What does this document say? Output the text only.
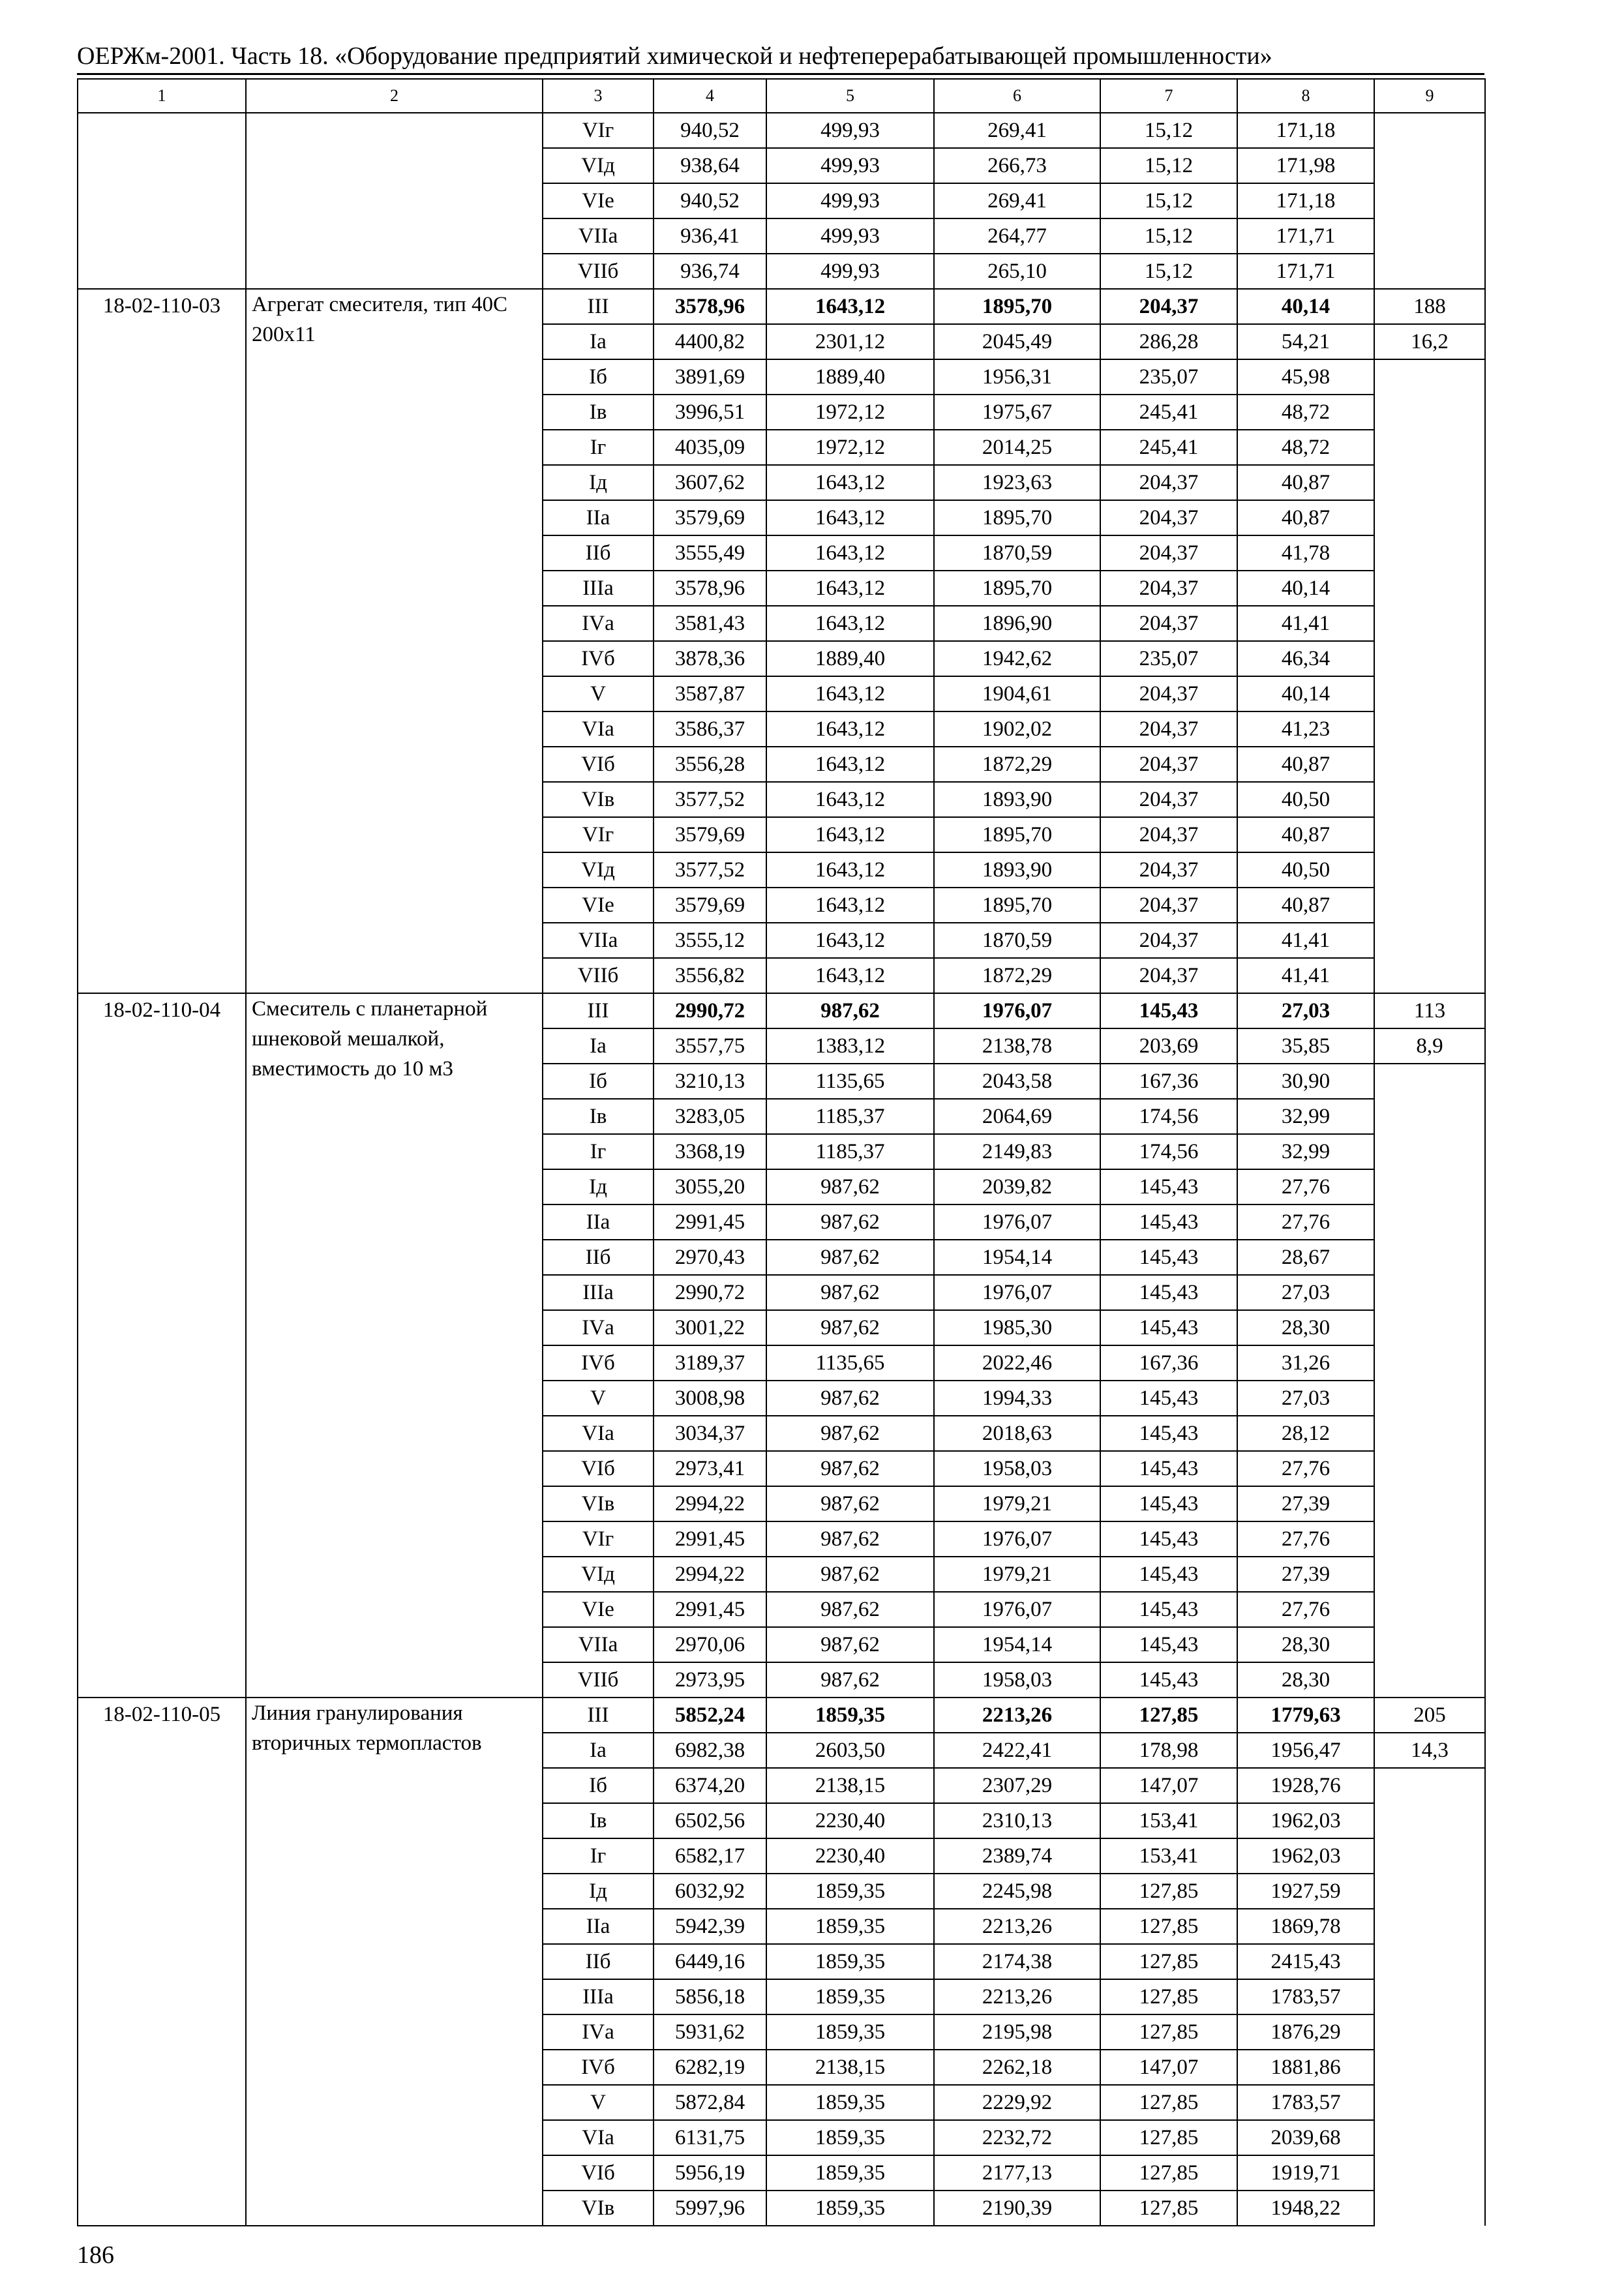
ОЕРЖм-2001. Часть 18. «Оборудование предприятий химической и нефтеперерабатывающей промышленности»
1	2	3	4	5	6	7	8	9
		VIг	940,52	499,93	269,41	15,12	171,18	
		VIд	938,64	499,93	266,73	15,12	171,98	
		VIе	940,52	499,93	269,41	15,12	171,18	
		VIIа	936,41	499,93	264,77	15,12	171,71	
		VIIб	936,74	499,93	265,10	15,12	171,71	
18-02-110-03	Агрегат смесителя, тип 40С 200х11	III	3578,96	1643,12	1895,70	204,37	40,14	188
		Iа	4400,82	2301,12	2045,49	286,28	54,21	16,2
		Iб	3891,69	1889,40	1956,31	235,07	45,98	
		Iв	3996,51	1972,12	1975,67	245,41	48,72	
		Iг	4035,09	1972,12	2014,25	245,41	48,72	
		Iд	3607,62	1643,12	1923,63	204,37	40,87	
		IIа	3579,69	1643,12	1895,70	204,37	40,87	
		IIб	3555,49	1643,12	1870,59	204,37	41,78	
		IIIа	3578,96	1643,12	1895,70	204,37	40,14	
		IVа	3581,43	1643,12	1896,90	204,37	41,41	
		IVб	3878,36	1889,40	1942,62	235,07	46,34	
		V	3587,87	1643,12	1904,61	204,37	40,14	
		VIа	3586,37	1643,12	1902,02	204,37	41,23	
		VIб	3556,28	1643,12	1872,29	204,37	40,87	
		VIв	3577,52	1643,12	1893,90	204,37	40,50	
		VIг	3579,69	1643,12	1895,70	204,37	40,87	
		VIд	3577,52	1643,12	1893,90	204,37	40,50	
		VIе	3579,69	1643,12	1895,70	204,37	40,87	
		VIIа	3555,12	1643,12	1870,59	204,37	41,41	
		VIIб	3556,82	1643,12	1872,29	204,37	41,41	
18-02-110-04	Смеситель с планетарной шнековой мешалкой, вместимость до 10 м3	III	2990,72	987,62	1976,07	145,43	27,03	113
		Iа	3557,75	1383,12	2138,78	203,69	35,85	8,9
		Iб	3210,13	1135,65	2043,58	167,36	30,90	
		Iв	3283,05	1185,37	2064,69	174,56	32,99	
		Iг	3368,19	1185,37	2149,83	174,56	32,99	
		Iд	3055,20	987,62	2039,82	145,43	27,76	
		IIа	2991,45	987,62	1976,07	145,43	27,76	
		IIб	2970,43	987,62	1954,14	145,43	28,67	
		IIIа	2990,72	987,62	1976,07	145,43	27,03	
		IVа	3001,22	987,62	1985,30	145,43	28,30	
		IVб	3189,37	1135,65	2022,46	167,36	31,26	
		V	3008,98	987,62	1994,33	145,43	27,03	
		VIа	3034,37	987,62	2018,63	145,43	28,12	
		VIб	2973,41	987,62	1958,03	145,43	27,76	
		VIв	2994,22	987,62	1979,21	145,43	27,39	
		VIг	2991,45	987,62	1976,07	145,43	27,76	
		VIд	2994,22	987,62	1979,21	145,43	27,39	
		VIе	2991,45	987,62	1976,07	145,43	27,76	
		VIIа	2970,06	987,62	1954,14	145,43	28,30	
		VIIб	2973,95	987,62	1958,03	145,43	28,30	
18-02-110-05	Линия гранулирования вторичных термопластов	III	5852,24	1859,35	2213,26	127,85	1779,63	205
		Iа	6982,38	2603,50	2422,41	178,98	1956,47	14,3
		Iб	6374,20	2138,15	2307,29	147,07	1928,76	
		Iв	6502,56	2230,40	2310,13	153,41	1962,03	
		Iг	6582,17	2230,40	2389,74	153,41	1962,03	
		Iд	6032,92	1859,35	2245,98	127,85	1927,59	
		IIа	5942,39	1859,35	2213,26	127,85	1869,78	
		IIб	6449,16	1859,35	2174,38	127,85	2415,43	
		IIIа	5856,18	1859,35	2213,26	127,85	1783,57	
		IVа	5931,62	1859,35	2195,98	127,85	1876,29	
		IVб	6282,19	2138,15	2262,18	147,07	1881,86	
		V	5872,84	1859,35	2229,92	127,85	1783,57	
		VIа	6131,75	1859,35	2232,72	127,85	2039,68	
		VIб	5956,19	1859,35	2177,13	127,85	1919,71	
		VIв	5997,96	1859,35	2190,39	127,85	1948,22	
186
